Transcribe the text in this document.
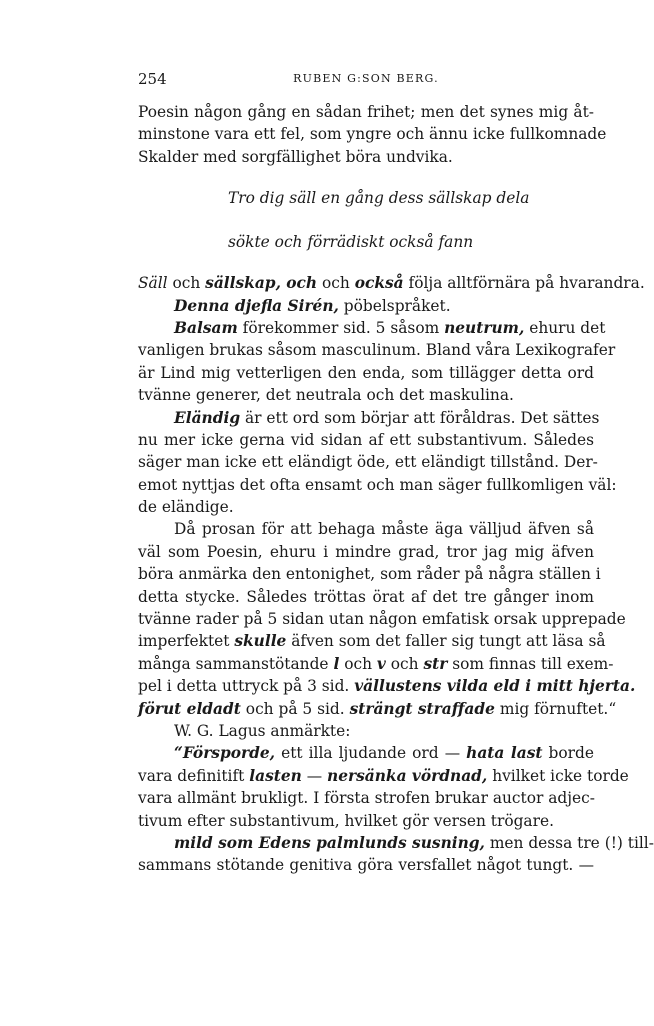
254	RUBEN G:SON BERG.
Poesin någon gång en sådan frihet; men det synes mig åt-
minstone vara ett fel, som yngre och ännu icke fullkomnade
Skalder med sorgfällighet böra undvika.
Tro dig säll en gång dess sällskap dela
sökte och förrädiskt också fann
Säll och sällskap, och och också följa alltförnära på hvarandra.
Denna djefla Sirén, pöbelspråket.
Balsam förekommer sid. 5 såsom neutrum, ehuru det
vanligen brukas såsom masculinum. Bland våra Lexikografer
är Lind mig vetterligen den enda, som tillägger detta ord
tvänne generer, det neutrala och det maskulina.
Eländig är ett ord som börjar att föråldras. Det sättes
nu mer icke gerna vid sidan af ett substantivum. Således
säger man icke ett eländigt öde, ett eländigt tillstånd. Der-
emot nyttjas det ofta ensamt och man säger fullkomligen väl:
de eländige.
Då prosan för att behaga måste äga välljud äfven så
väl som Poesin, ehuru i mindre grad, tror jag mig äfven
böra anmärka den entonighet, som råder på några ställen i
detta stycke. Således tröttas örat af det tre gånger inom
tvänne rader på 5 sidan utan någon emfatisk orsak upprepade
imperfektet skulle äfven som det faller sig tungt att läsa så
många sammanstötande l och v och str som finnas till exem-
pel i detta uttryck på 3 sid. vällustens vilda eld i mitt hjerta.
förut eldadt och på 5 sid. strängt straffade mig förnuftet.“
W. G. Lagus anmärkte:
“Försporde, ett illa ljudande ord — hata last borde
vara definitift lasten — nersänka vördnad, hvilket icke torde
vara allmänt brukligt. I första strofen brukar auctor adjec-
tivum efter substantivum, hvilket gör versen trögare.
mild som Edens palmlunds susning, men dessa tre (!) till-
sammans stötande genitiva göra versfallet något tungt. —
